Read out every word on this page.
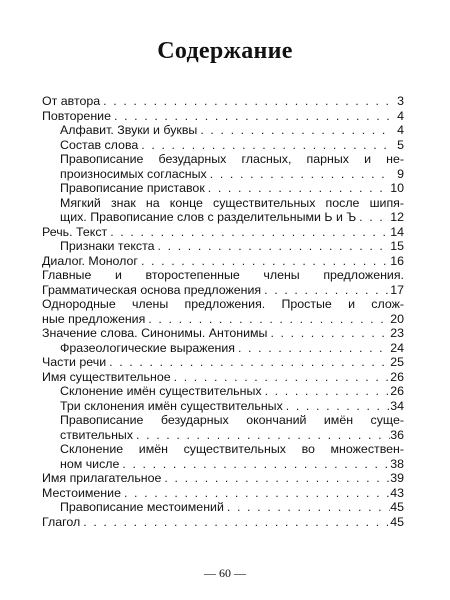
Содержание
От автора . . .	3
Повторение . . .	4
Алфавит. Звуки и буквы . . .	4
Состав слова . . .	5
Правописание безударных гласных, парных и не-
произносимых согласных . . .	9
Правописание приставок . . .	10
Мягкий знак на конце существительных после шипя-
щих. Правописание слов с разделительными Ь и Ъ . . .	12
Речь. Текст . . .	14
Признаки текста . . .	15
Диалог. Монолог . . .	16
Главные и второстепенные члены предложения.
Грамматическая основа предложения . . .	17
Однородные члены предложения. Простые и слож-
ные предложения . . .	20
Значение слова. Синонимы. Антонимы . . .	23
Фразеологические выражения . . .	24
Части речи . . .	25
Имя существительное . . .	26
Склонение имён существительных . . .	26
Три склонения имён существительных . . .	34
Правописание безударных окончаний имён суще-
ствительных . . .	36
Склонение имён существительных во множествен-
ном числе . . .	38
Имя прилагательное . . .	39
Местоимение . . .	43
Правописание местоимений . . .	45
Глагол . . .	45
— 60 —
